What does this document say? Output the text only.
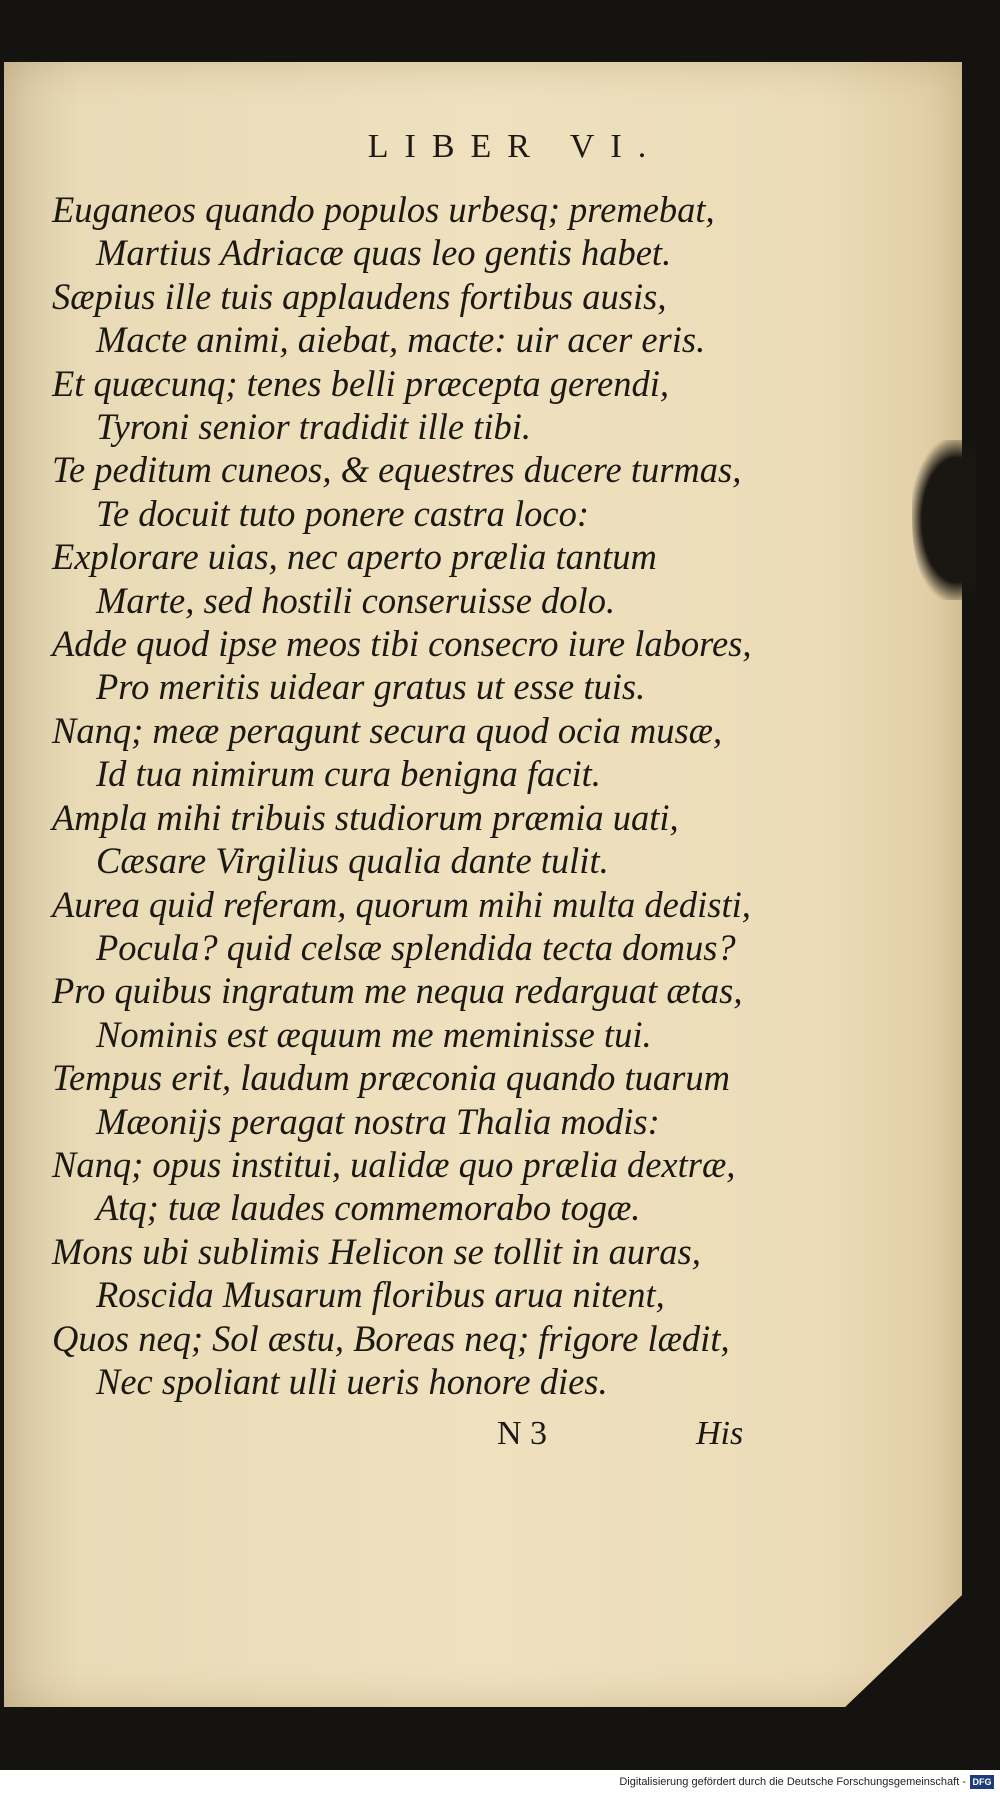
LIBER VI.
Euganeos quando populos urbesq; premebat,
Martius Adriacæ quas leo gentis habet.
Sæpius ille tuis applaudens fortibus ausis,
Macte animi, aiebat, macte: uir acer eris.
Et quæcunq; tenes belli præcepta gerendi,
Tyroni senior tradidit ille tibi.
Te peditum cuneos, & equestres ducere turmas,
Te docuit tuto ponere castra loco:
Explorare uias, nec aperto prælia tantum
Marte, sed hostili conseruisse dolo.
Adde quod ipse meos tibi consecro iure labores,
Pro meritis uidear gratus ut esse tuis.
Nanq; meæ peragunt secura quod ocia musæ,
Id tua nimirum cura benigna facit.
Ampla mihi tribuis studiorum præmia uati,
Cæsare Virgilius qualia dante tulit.
Aurea quid referam, quorum mihi multa dedisti,
Pocula? quid celsæ splendida tecta domus?
Pro quibus ingratum me nequa redarguat ætas,
Nominis est æquum me meminisse tui.
Tempus erit, laudum præconia quando tuarum
Mæonijs peragat nostra Thalia modis:
Nanq; opus institui, ualidæ quo prælia dextræ,
Atq; tuæ laudes commemorabo togæ.
Mons ubi sublimis Helicon se tollit in auras,
Roscida Musarum floribus arua nitent,
Quos neq; Sol æstu, Boreas neq; frigore lædit,
Nec spoliant ulli ueris honore dies.
N 3	His
Digitalisierung gefördert durch die Deutsche Forschungsgemeinschaft - DFG
